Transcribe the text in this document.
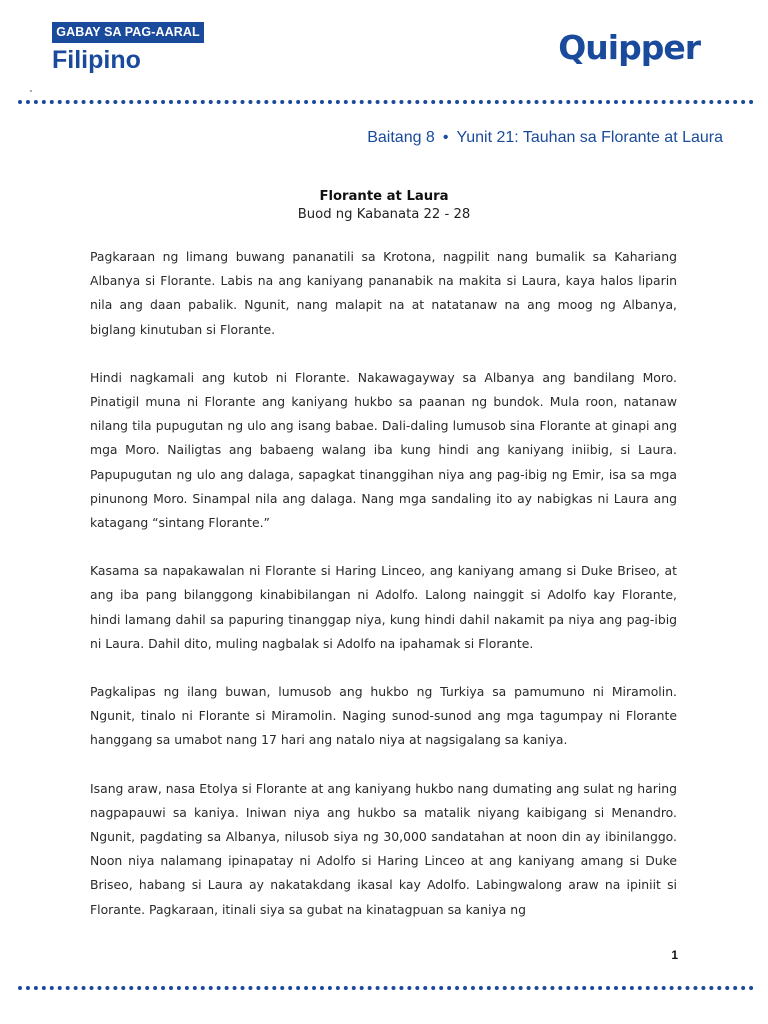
GABAY SA PAG-AARAL
Filipino	Quipper
Baitang 8 • Yunit 21: Tauhan sa Florante at Laura

Florante at Laura

Buod ng Kabanata 22 - 28

Pagkaraan ng limang buwang pananatili sa Krotona, nagpilit nang bumalik sa Kahariang Albanya si Florante. Labis na ang kaniyang pananabik na makita si Laura, kaya halos liparin nila ang daan pabalik. Ngunit, nang malapit na at natatanaw na ang moog ng Albanya, biglang kinutuban si Florante.

Hindi nagkamali ang kutob ni Florante. Nakawagayway sa Albanya ang bandilang Moro. Pinatigil muna ni Florante ang kaniyang hukbo sa paanan ng bundok. Mula roon, natanaw nilang tila pupugutan ng ulo ang isang babae. Dali-daling lumusob sina Florante at ginapi ang mga Moro. Nailigtas ang babaeng walang iba kung hindi ang kaniyang iniibig, si Laura. Papupugutan ng ulo ang dalaga, sapagkat tinanggihan niya ang pag-ibig ng Emir, isa sa mga pinunong Moro. Sinampal nila ang dalaga. Nang mga sandaling ito ay nabigkas ni Laura ang katagang “sintang Florante.”

Kasama sa napakawalan ni Florante si Haring Linceo, ang kaniyang amang si Duke Briseo, at ang iba pang bilanggong kinabibilangan ni Adolfo. Lalong nainggit si Adolfo kay Florante, hindi lamang dahil sa papuring tinanggap niya, kung hindi dahil nakamit pa niya ang pag-ibig ni Laura. Dahil dito, muling nagbalak si Adolfo na ipahamak si Florante.

Pagkalipas ng ilang buwan, lumusob ang hukbo ng Turkiya sa pamumuno ni Miramolin. Ngunit, tinalo ni Florante si Miramolin. Naging sunod-sunod ang mga tagumpay ni Florante hanggang sa umabot nang 17 hari ang natalo niya at nagsigalang sa kaniya.

Isang araw, nasa Etolya si Florante at ang kaniyang hukbo nang dumating ang sulat ng haring nagpapauwi sa kaniya. Iniwan niya ang hukbo sa matalik niyang kaibigang si Menandro. Ngunit, pagdating sa Albanya, nilusob siya ng 30,000 sandatahan at noon din ay ibinilanggo. Noon niya nalamang ipinapatay ni Adolfo si Haring Linceo at ang kaniyang amang si Duke Briseo, habang si Laura ay nakatakdang ikasal kay Adolfo. Labingwalong araw na ipiniit si Florante. Pagkaraan, itinali siya sa gubat na kinatagpuan sa kaniya ng

1
